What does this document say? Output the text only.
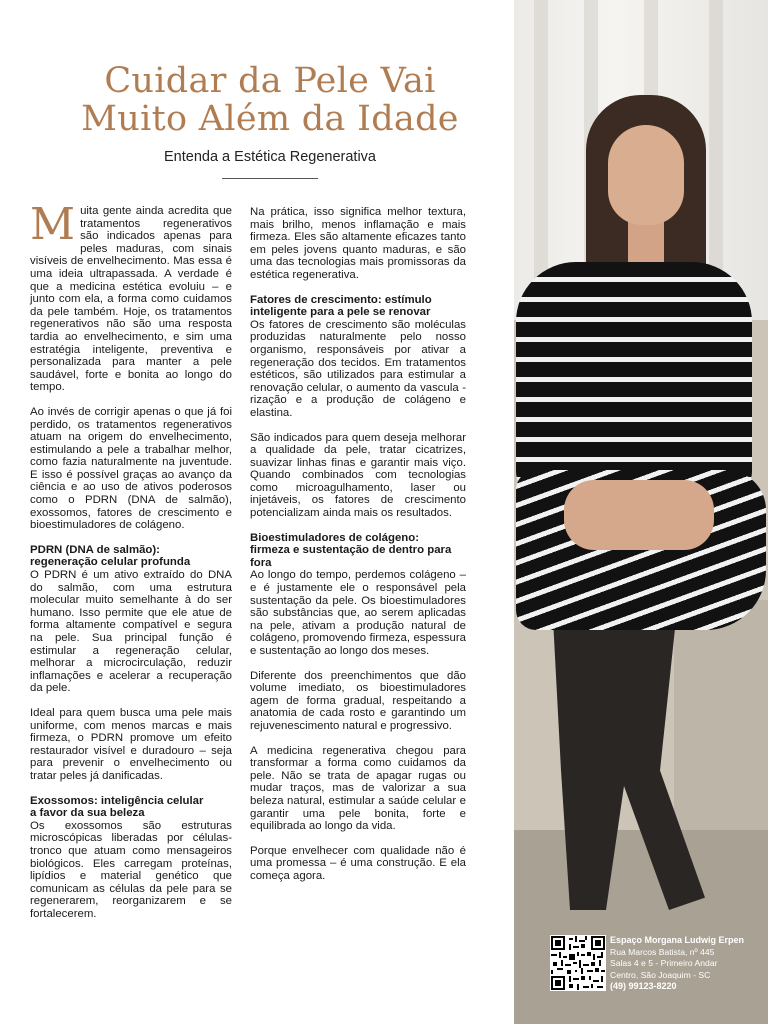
Cuidar da Pele Vai
Muito Além da Idade
Entenda a Estética Regenerativa

Muita gente ainda acredita que tratamentos regenerativos são indicados apenas para peles maduras, com sinais visíveis de envelhecimento. Mas essa é uma ideia ultrapassada. A verdade é que a medicina estética evoluiu – e junto com ela, a forma como cuidamos da pele também. Hoje, os tratamentos regenerativos não são uma resposta tardia ao envelhecimento, e sim uma estratégia inteligente, preventiva e personalizada para manter a pele saudável, forte e bonita ao longo do tempo.

Ao invés de corrigir apenas o que já foi perdido, os tratamentos regenerativos atuam na origem do envelhecimento, estimulando a pele a trabalhar melhor, como fazia naturalmente na juventude. E isso é possível graças ao avanço da ciência e ao uso de ativos poderosos como o PDRN (DNA de salmão), exossomos, fatores de crescimento e bioestimuladores de colágeno.

PDRN (DNA de salmão):
regeneração celular profunda

O PDRN é um ativo extraído do DNA do salmão, com uma estrutura molecular muito semelhante à do ser humano. Isso permite que ele atue de forma altamente compatível e segura na pele. Sua principal função é estimular a regeneração celular, melhorar a microcirculação, reduzir inflamações e acelerar a recuperação da pele.

Ideal para quem busca uma pele mais uniforme, com menos marcas e mais firmeza, o PDRN promove um efeito restaurador visível e duradouro – seja para prevenir o envelhecimento ou tratar peles já danificadas.

Exossomos: inteligência celular
a favor da sua beleza

Os exossomos são estruturas microscópicas liberadas por células-tronco que atuam como mensageiros biológicos. Eles carregam proteínas, lipídios e material genético que comunicam as células da pele para se regenerarem, reorganizarem e se fortalecerem.

Na prática, isso significa melhor textura, mais brilho, menos inflamação e mais firmeza. Eles são altamente eficazes tanto em peles jovens quanto maduras, e são uma das tecnologias mais promissoras da estética regenerativa.

Fatores de crescimento: estímulo
inteligente para a pele se renovar

Os fatores de crescimento são moléculas produzidas naturalmente pelo nosso organismo, responsáveis por ativar a regeneração dos tecidos. Em tratamentos estéticos, são utilizados para estimular a renovação celular, o aumento da vascula -rização e a produção de colágeno e elastina.

São indicados para quem deseja melhorar a qualidade da pele, tratar cicatrizes, suavizar linhas finas e garantir mais viço. Quando combinados com tecnologias como microagulhamento, laser ou injetáveis, os fatores de crescimento potencializam ainda mais os resultados.

Bioestimuladores de colágeno:
firmeza e sustentação de dentro para fora

Ao longo do tempo, perdemos colágeno – e é justamente ele o responsável pela sustentação da pele. Os bioestimuladores são substâncias que, ao serem aplicadas na pele, ativam a produção natural de colágeno, promovendo firmeza, espessura e sustentação ao longo dos meses.

Diferente dos preenchimentos que dão volume imediato, os bioestimuladores agem de forma gradual, respeitando a anatomia de cada rosto e garantindo um rejuvenescimento natural e progressivo.

A medicina regenerativa chegou para transformar a forma como cuidamos da pele. Não se trata de apagar rugas ou mudar traços, mas de valorizar a sua beleza natural, estimular a saúde celular e garantir uma pele bonita, forte e equilibrada ao longo da vida.

Porque envelhecer com qualidade não é uma promessa – é uma construção. E ela começa agora.

Espaço Morgana Ludwig Erpen
Rua Marcos Batista, nº 445
Salas 4 e 5 - Primeiro Andar
Centro, São Joaquim - SC
(49) 99123-8220
